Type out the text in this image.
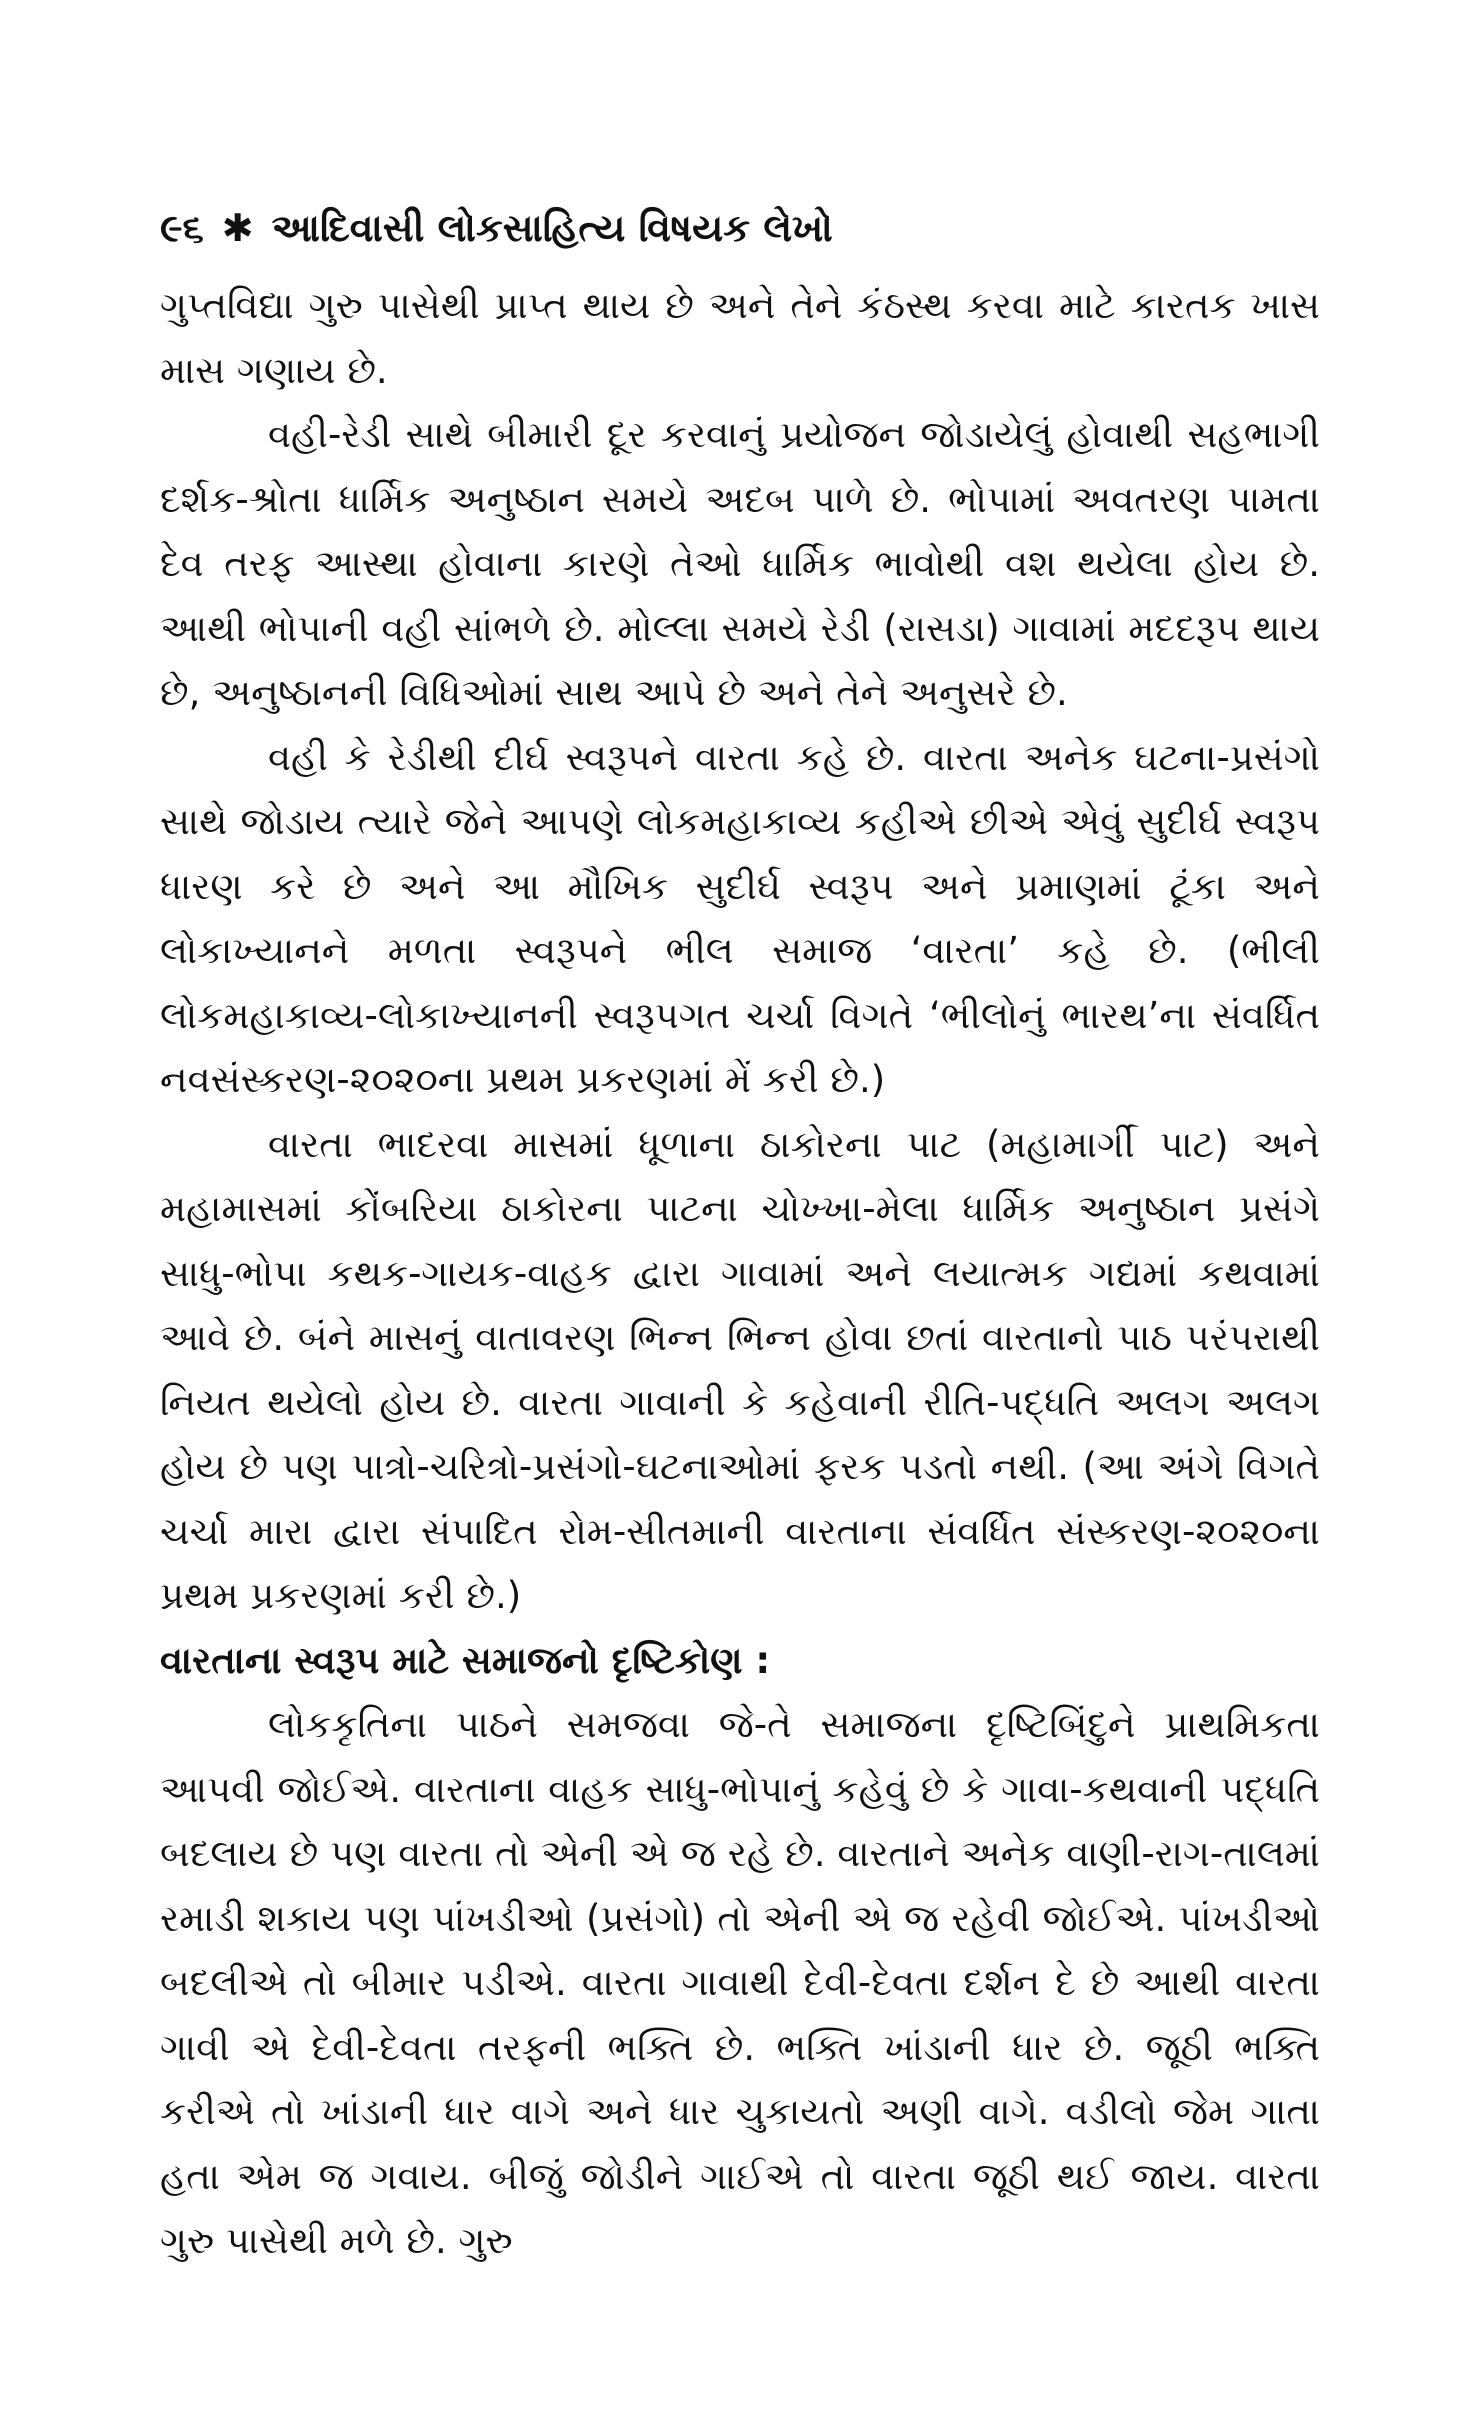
૯૬ ✱ આદિવાસી લોકસાહિત્ય વિષયક લેખો

ગુપ્તવિદ્યા ગુરુ પાસેથી પ્રાપ્ત થાય છે અને તેને કંઠસ્થ કરવા માટે કારતક ખાસ માસ ગણાય છે.

વહી-રેડી સાથે બીમારી દૂર કરવાનું પ્રયોજન જોડાયેલું હોવાથી સહભાગી દર્શક-શ્રોતા ધાર્મિક અનુષ્ઠાન સમયે અદબ પાળે છે. ભોપામાં અવતરણ પામતા દેવ તરફ આસ્થા હોવાના કારણે તેઓ ધાર્મિક ભાવોથી વશ થયેલા હોય છે. આથી ભોપાની વહી સાંભળે છે. મોલ્લા સમયે રેડી (રાસડા) ગાવામાં મદદરૂપ થાય છે, અનુષ્ઠાનની વિધિઓમાં સાથ આપે છે અને તેને અનુસરે છે.

વહી કે રેડીથી દીર્ઘ સ્વરૂપને વારતા કહે છે. વારતા અનેક ઘટના-પ્રસંગો સાથે જોડાય ત્યારે જેને આપણે લોકમહાકાવ્ય કહીએ છીએ એવું સુદીર્ઘ સ્વરૂપ ધારણ કરે છે અને આ મૌખિક સુદીર્ઘ સ્વરૂપ અને પ્રમાણમાં ટૂંકા અને લોકાખ્યાનને મળતા સ્વરૂપને ભીલ સમાજ ‘વારતા’ કહે છે. (ભીલી લોકમહાકાવ્ય-લોકાખ્યાનની સ્વરૂપગત ચર્ચા વિગતે ‘ભીલોનું ભારથ’ના સંવર્ધિત નવસંસ્કરણ-૨૦૨૦ના પ્રથમ પ્રકરણમાં મેં કરી છે.)

વારતા ભાદરવા માસમાં ધૂળાના ઠાકોરના પાટ (મહામાર્ગી પાટ) અને મહામાસમાં કોંબરિયા ઠાકોરના પાટના ચોખ્ખા-મેલા ધાર્મિક અનુષ્ઠાન પ્રસંગે સાધુ-ભોપા કથક-ગાયક-વાહક દ્વારા ગાવામાં અને લયાત્મક ગદ્યમાં કથવામાં આવે છે. બંને માસનું વાતાવરણ ભિન્ન ભિન્ન હોવા છતાં વારતાનો પાઠ પરંપરાથી નિયત થયેલો હોય છે. વારતા ગાવાની કે કહેવાની રીતિ-પદ્ધતિ અલગ અલગ હોય છે પણ પાત્રો-ચરિત્રો-પ્રસંગો-ઘટનાઓમાં ફરક પડતો નથી. (આ અંગે વિગતે ચર્ચા મારા દ્વારા સંપાદિત રોમ-સીતમાની વારતાના સંવર્ધિત સંસ્કરણ-૨૦૨૦ના પ્રથમ પ્રકરણમાં કરી છે.)

વારતાના સ્વરૂપ માટે સમાજનો દૃષ્ટિકોણ :

લોકકૃતિના પાઠને સમજવા જે-તે સમાજના દૃષ્ટિબિંદુને પ્રાથમિકતા આપવી જોઈએ. વારતાના વાહક સાધુ-ભોપાનું કહેવું છે કે ગાવા-કથવાની પદ્ધતિ બદલાય છે પણ વારતા તો એની એ જ રહે છે. વારતાને અનેક વાણી-રાગ-તાલમાં રમાડી શકાય પણ પાંખડીઓ (પ્રસંગો) તો એની એ જ રહેવી જોઈએ. પાંખડીઓ બદલીએ તો બીમાર પડીએ. વારતા ગાવાથી દેવી-દેવતા દર્શન દે છે આથી વારતા ગાવી એ દેવી-દેવતા તરફની ભક્તિ છે. ભક્તિ ખાંડાની ધાર છે. જૂઠી ભક્તિ કરીએ તો ખાંડાની ધાર વાગે અને ધાર ચુકાયતો અણી વાગે. વડીલો જેમ ગાતા હતા એમ જ ગવાય. બીજું જોડીને ગાઈએ તો વારતા જૂઠી થઈ જાય. વારતા ગુરુ પાસેથી મળે છે. ગુરુ
